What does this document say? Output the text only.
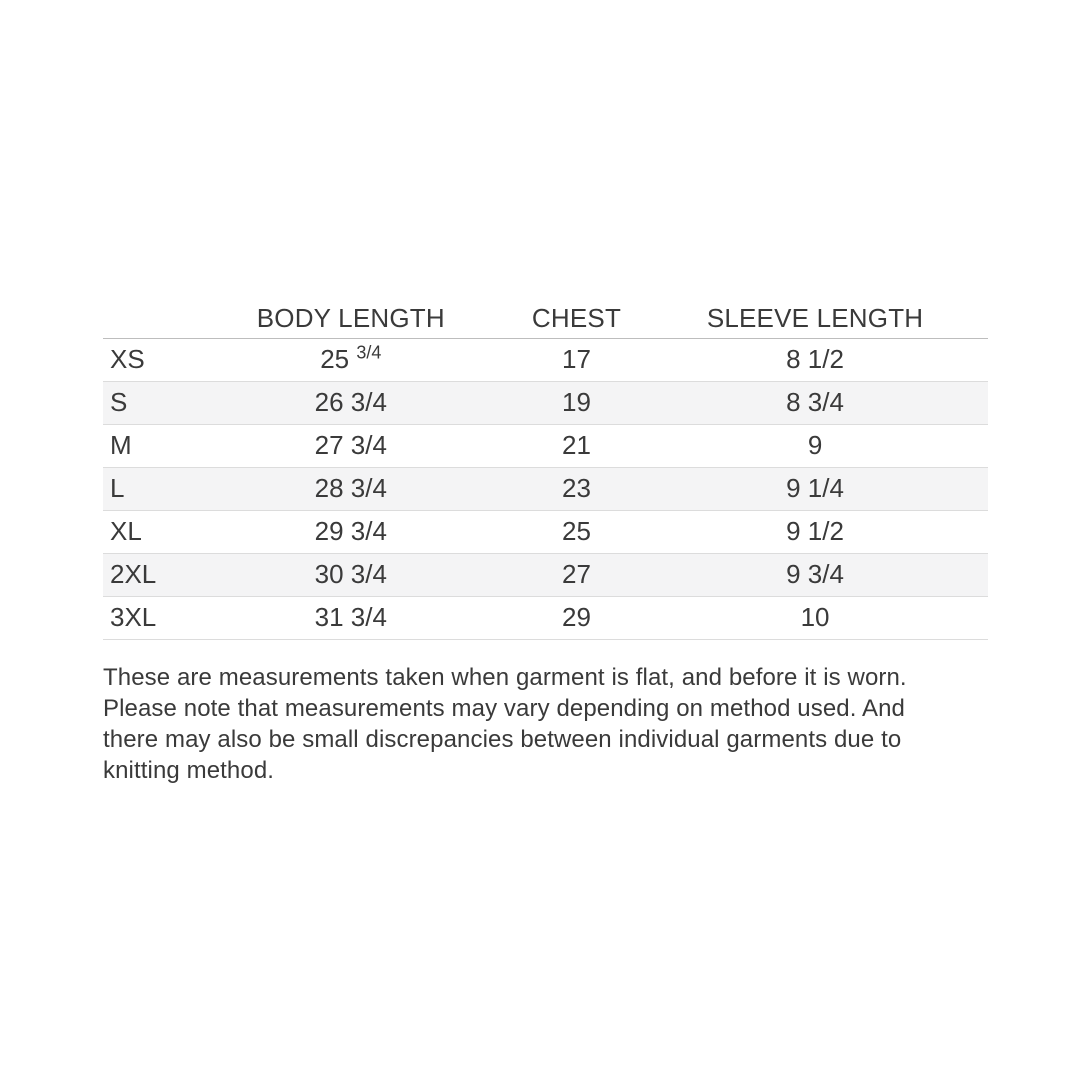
	BODY LENGTH	CHEST	SLEEVE LENGTH
XS	25 $^{3/4}$	17	8 1/2
S	26 3/4	19	8 3/4
M	27 3/4	21	9
L	28 3/4	23	9 1/4
XL	29 3/4	25	9 1/2
2XL	30 3/4	27	9 3/4
3XL	31 3/4	29	10

These are measurements taken when garment is flat, and before it is worn.
Please note that measurements may vary depending on method used. And
there may also be small discrepancies between individual garments due to
knitting method.
